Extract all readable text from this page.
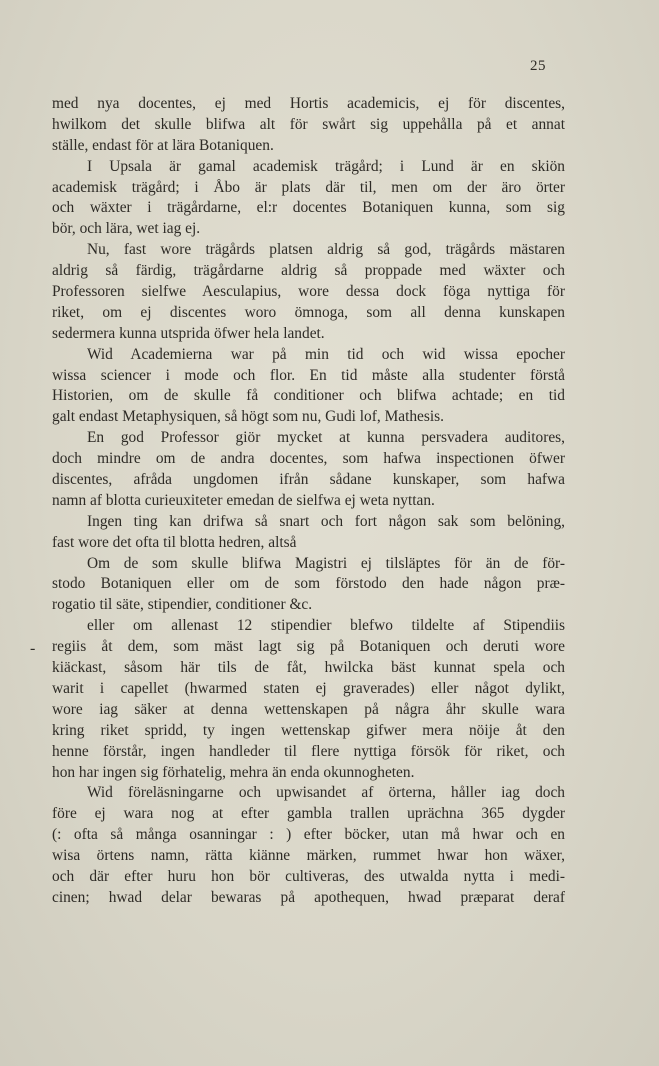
25
-
med nya docentes, ej med Hortis academicis, ej för discentes,
hwilkom det skulle blifwa alt för swårt sig uppehålla på et annat
ställe, endast för at lära Botaniquen.
I Upsala är gamal academisk trägård; i Lund är en skiön
academisk trägård; i Åbo är plats där til, men om der äro örter
och wäxter i trägårdarne, el:r docentes Botaniquen kunna, som sig
bör, och lära, wet iag ej.
Nu, fast wore trägårds platsen aldrig så god, trägårds mästaren
aldrig så färdig, trägårdarne aldrig så proppade med wäxter och
Professoren sielfwe Aesculapius, wore dessa dock föga nyttiga för
riket, om ej discentes woro ömnoga, som all denna kunskapen
sedermera kunna utsprida öfwer hela landet.
Wid Academierna war på min tid och wid wissa epocher
wissa sciencer i mode och flor. En tid måste alla studenter förstå
Historien, om de skulle få conditioner och blifwa achtade; en tid
galt endast Metaphysiquen, så högt som nu, Gudi lof, Mathesis.
En god Professor giör mycket at kunna persvadera auditores,
doch mindre om de andra docentes, som hafwa inspectionen öfwer
discentes, afråda ungdomen ifrån sådane kunskaper, som hafwa
namn af blotta curieuxiteter emedan de sielfwa ej weta nyttan.
Ingen ting kan drifwa så snart och fort någon sak som belöning,
fast wore det ofta til blotta hedren, altså
Om de som skulle blifwa Magistri ej tilsläptes för än de för-
stodo Botaniquen eller om de som förstodo den hade någon præ-
rogatio til säte, stipendier, conditioner &c.
eller om allenast 12 stipendier blefwo tildelte af Stipendiis
regiis åt dem, som mäst lagt sig på Botaniquen och deruti wore
kiäckast, såsom här tils de fåt, hwilcka bäst kunnat spela och
warit i capellet (hwarmed staten ej graverades) eller något dylikt,
wore iag säker at denna wettenskapen på några åhr skulle wara
kring riket spridd, ty ingen wettenskap gifwer mera nöije åt den
henne förstår, ingen handleder til flere nyttiga försök för riket, och
hon har ingen sig förhatelig, mehra än enda okunnogheten.
Wid föreläsningarne och upwisandet af örterna, håller iag doch
före ej wara nog at efter gambla trallen uprächna 365 dygder
(: ofta så många osanningar : ) efter böcker, utan må hwar och en
wisa örtens namn, rätta kiänne märken, rummet hwar hon wäxer,
och där efter huru hon bör cultiveras, des utwalda nytta i medi-
cinen; hwad delar bewaras på apothequen, hwad præparat deraf
